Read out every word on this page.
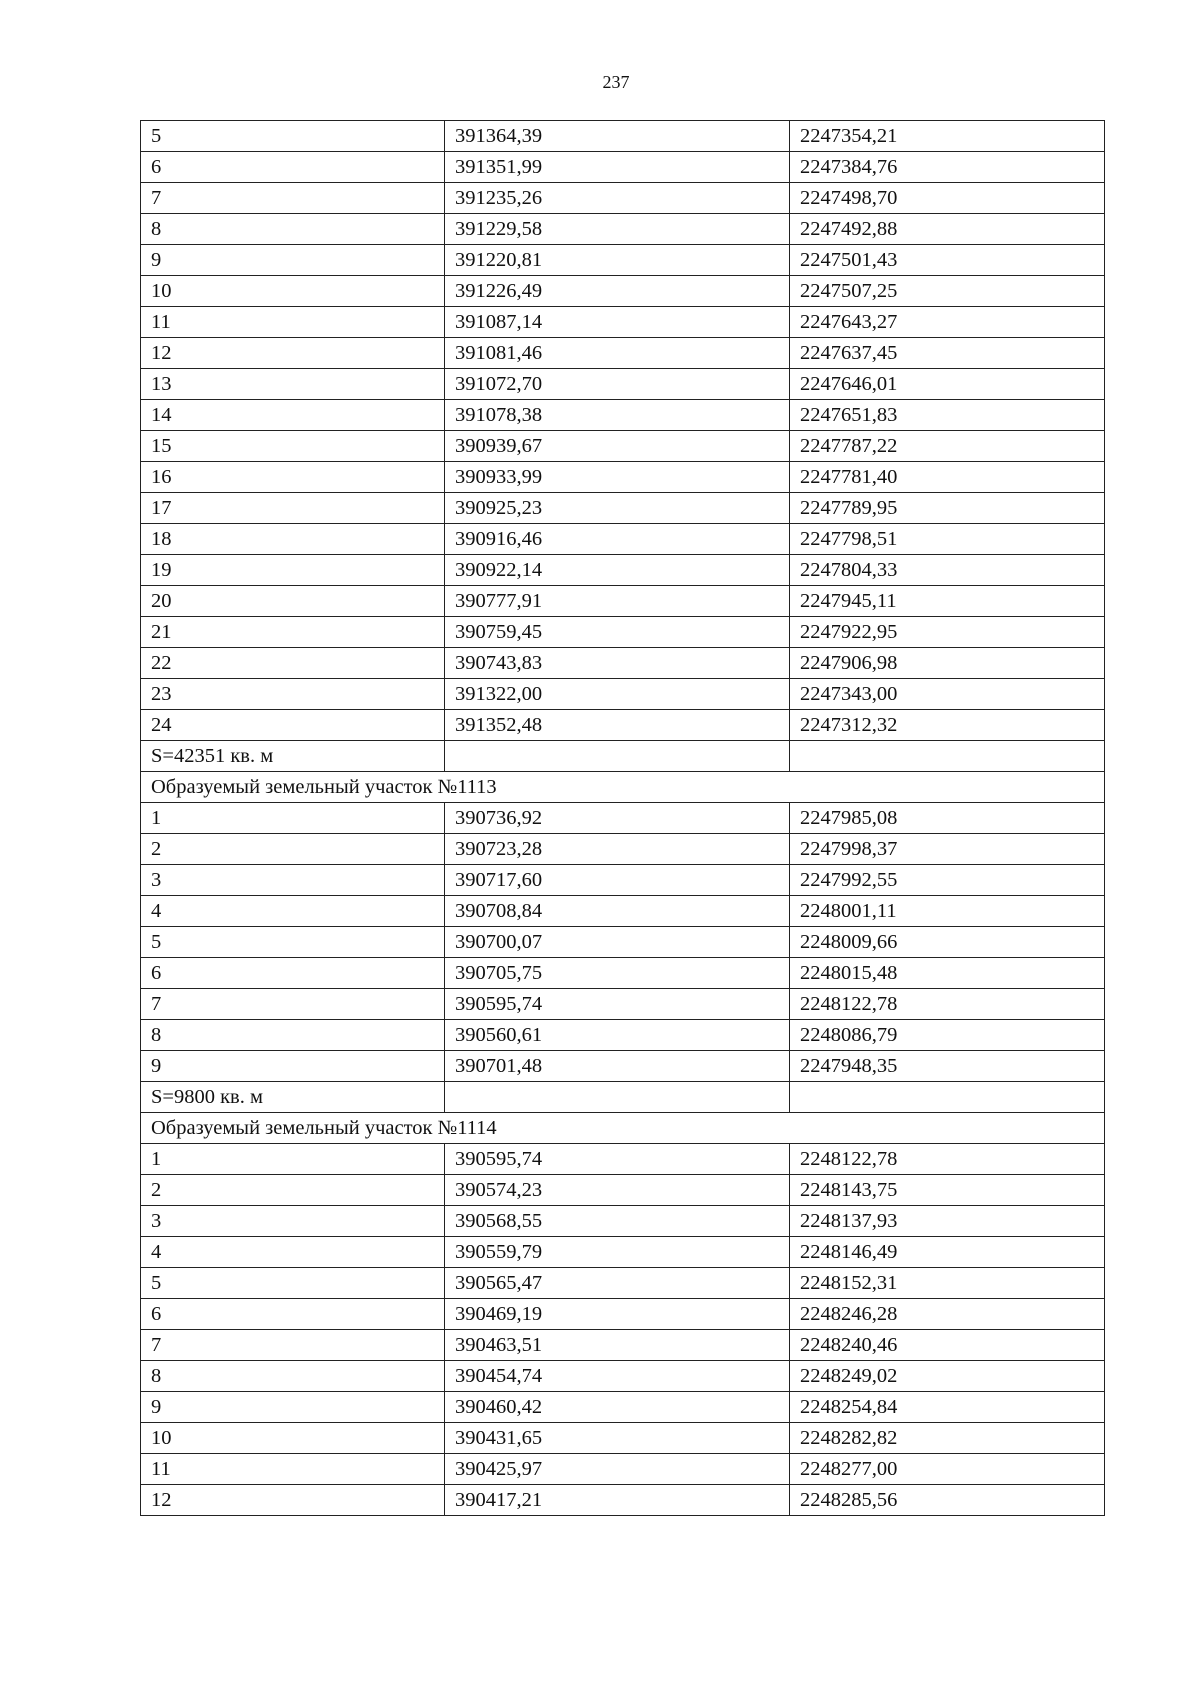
237
5	391364,39	2247354,21
6	391351,99	2247384,76
7	391235,26	2247498,70
8	391229,58	2247492,88
9	391220,81	2247501,43
10	391226,49	2247507,25
11	391087,14	2247643,27
12	391081,46	2247637,45
13	391072,70	2247646,01
14	391078,38	2247651,83
15	390939,67	2247787,22
16	390933,99	2247781,40
17	390925,23	2247789,95
18	390916,46	2247798,51
19	390922,14	2247804,33
20	390777,91	2247945,11
21	390759,45	2247922,95
22	390743,83	2247906,98
23	391322,00	2247343,00
24	391352,48	2247312,32
S=42351 кв. м		
Образуемый земельный участок №1113		
1	390736,92	2247985,08
2	390723,28	2247998,37
3	390717,60	2247992,55
4	390708,84	2248001,11
5	390700,07	2248009,66
6	390705,75	2248015,48
7	390595,74	2248122,78
8	390560,61	2248086,79
9	390701,48	2247948,35
S=9800 кв. м		
Образуемый земельный участок №1114		
1	390595,74	2248122,78
2	390574,23	2248143,75
3	390568,55	2248137,93
4	390559,79	2248146,49
5	390565,47	2248152,31
6	390469,19	2248246,28
7	390463,51	2248240,46
8	390454,74	2248249,02
9	390460,42	2248254,84
10	390431,65	2248282,82
11	390425,97	2248277,00
12	390417,21	2248285,56
